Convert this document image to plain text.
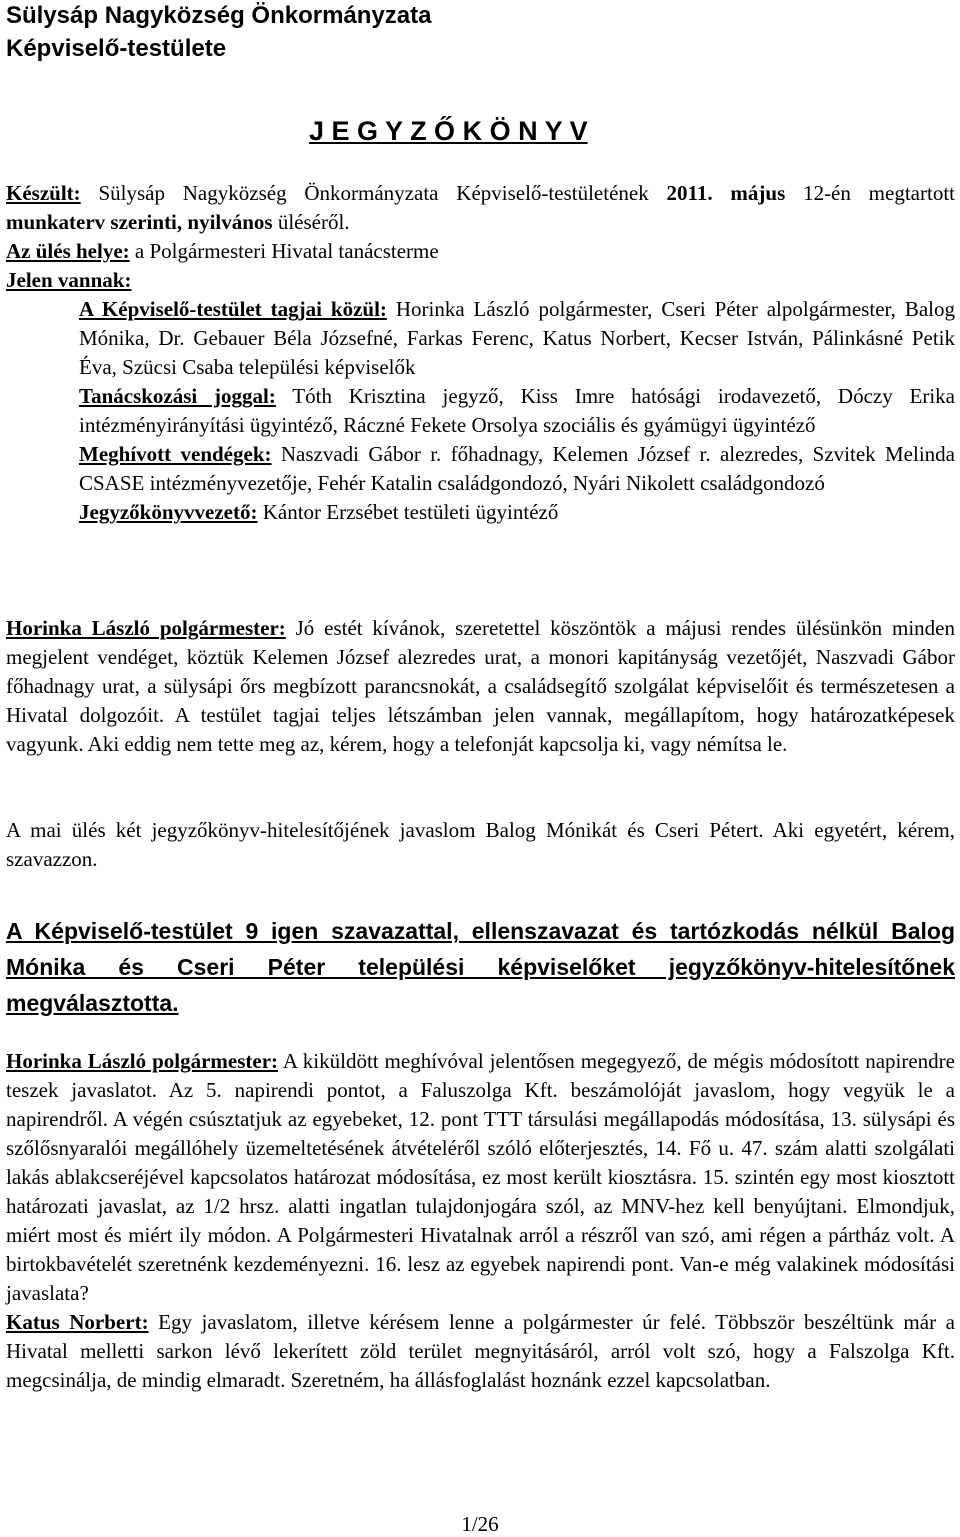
Sülysáp Nagyközség Önkormányzata
Képviselő-testülete
J E G Y Z Ő K Ö N Y V
Készült: Sülysáp Nagyközség Önkormányzata Képviselő-testületének 2011. május 12-én megtartott munkaterv szerinti, nyilvános üléséről.
Az ülés helye: a Polgármesteri Hivatal tanácsterme
Jelen vannak:
A Képviselő-testület tagjai közül: Horinka László polgármester, Cseri Péter alpolgármester, Balog Mónika, Dr. Gebauer Béla Józsefné, Farkas Ferenc, Katus Norbert, Kecser István, Pálinkásné Petik Éva, Szücsi Csaba települési képviselők
Tanácskozási joggal: Tóth Krisztina jegyző, Kiss Imre hatósági irodavezető, Dóczy Erika intézményirányítási ügyintéző, Ráczné Fekete Orsolya szociális és gyámügyi ügyintéző
Meghívott vendégek: Naszvadi Gábor r. főhadnagy, Kelemen József r. alezredes, Szvitek Melinda CSASE intézményvezetője, Fehér Katalin családgondozó, Nyári Nikolett családgondozó
Jegyzőkönyvvezető: Kántor Erzsébet testületi ügyintéző
Horinka László polgármester: Jó estét kívánok, szeretettel köszöntök a májusi rendes ülésünkön minden megjelent vendéget, köztük Kelemen József alezredes urat, a monori kapitányság vezetőjét, Naszvadi Gábor főhadnagy urat, a sülysápi őrs megbízott parancsnokát, a családsegítő szolgálat képviselőit és természetesen a Hivatal dolgozóit. A testület tagjai teljes létszámban jelen vannak, megállapítom, hogy határozatképesek vagyunk. Aki eddig nem tette meg az, kérem, hogy a telefonját kapcsolja ki, vagy némítsa le.
A mai ülés két jegyzőkönyv-hitelesítőjének javaslom Balog Mónikát és Cseri Pétert. Aki egyetért, kérem, szavazzon.
A Képviselő-testület 9 igen szavazattal, ellenszavazat és tartózkodás nélkül Balog Mónika és Cseri Péter települési képviselőket jegyzőkönyv-hitelesítőnek megválasztotta.
Horinka László polgármester: A kiküldött meghívóval jelentősen megegyező, de mégis módosított napirendre teszek javaslatot. Az 5. napirendi pontot, a Faluszolga Kft. beszámolóját javaslom, hogy vegyük le a napirendről. A végén csúsztatjuk az egyebeket, 12. pont TTT társulási megállapodás módosítása, 13. sülysápi és szőlősnyaralói megállóhely üzemeltetésének átvételéről szóló előterjesztés, 14. Fő u. 47. szám alatti szolgálati lakás ablakcseréjével kapcsolatos határozat módosítása, ez most került kiosztásra. 15. szintén egy most kiosztott határozati javaslat, az 1/2 hrsz. alatti ingatlan tulajdonjogára szól, az MNV-hez kell benyújtani. Elmondjuk, miért most és miért ily módon. A Polgármesteri Hivatalnak arról a részről van szó, ami régen a pártház volt. A birtokbavételét szeretnénk kezdeményezni. 16. lesz az egyebek napirendi pont. Van-e még valakinek módosítási javaslata?
Katus Norbert: Egy javaslatom, illetve kérésem lenne a polgármester úr felé. Többször beszéltünk már a Hivatal melletti sarkon lévő lekerített zöld terület megnyitásáról, arról volt szó, hogy a Falszolga Kft. megcsinálja, de mindig elmaradt. Szeretném, ha állásfoglalást hoznánk ezzel kapcsolatban.
1/26
